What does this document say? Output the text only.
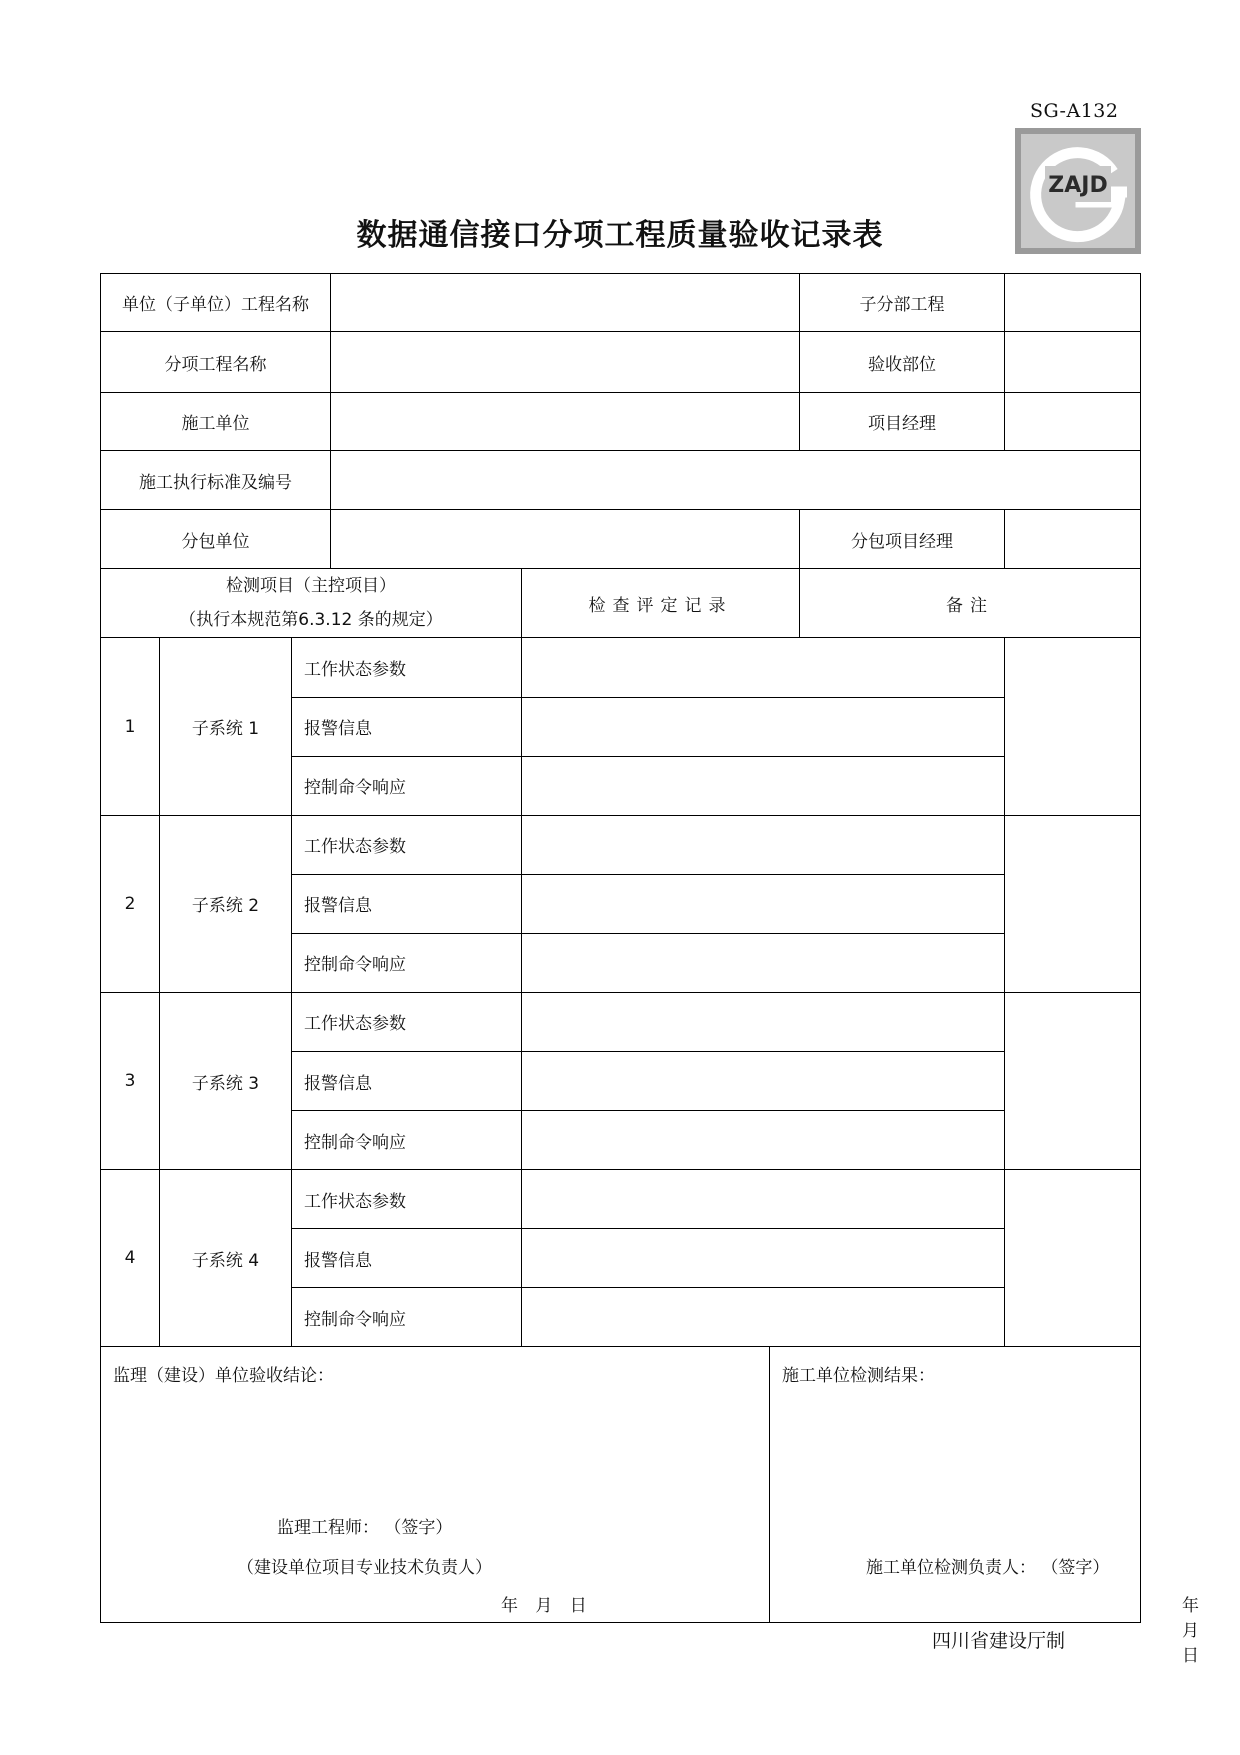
SG-A132
ZAJD
数据通信接口分项工程质量验收记录表
单位（子单位）工程名称						子分部工程	
分项工程名称						验收部位	
施工单位						项目经理	
施工执行标准及编号							
分包单位						分包项目经理	

检测项目（主控项目）
（执行本规范第6.3.12 条的规定）				检查评定记录		备注	
1	子系统 1	工作状态参数					
		报警信息					
		控制命令响应					
2	子系统 2	工作状态参数					
		报警信息					
		控制命令响应					
3	子系统 3	工作状态参数					
		报警信息					
		控制命令响应					
4	子系统 4	工作状态参数					
		报警信息					
		控制命令响应					

监理（建设）单位验收结论：
监理工程师： （签字）
（建设单位项目专业技术负责人）
年 月 日					施工单位检测结果：
施工单位检测负责人： （签字）
年 月 日		
四川省建设厅制
